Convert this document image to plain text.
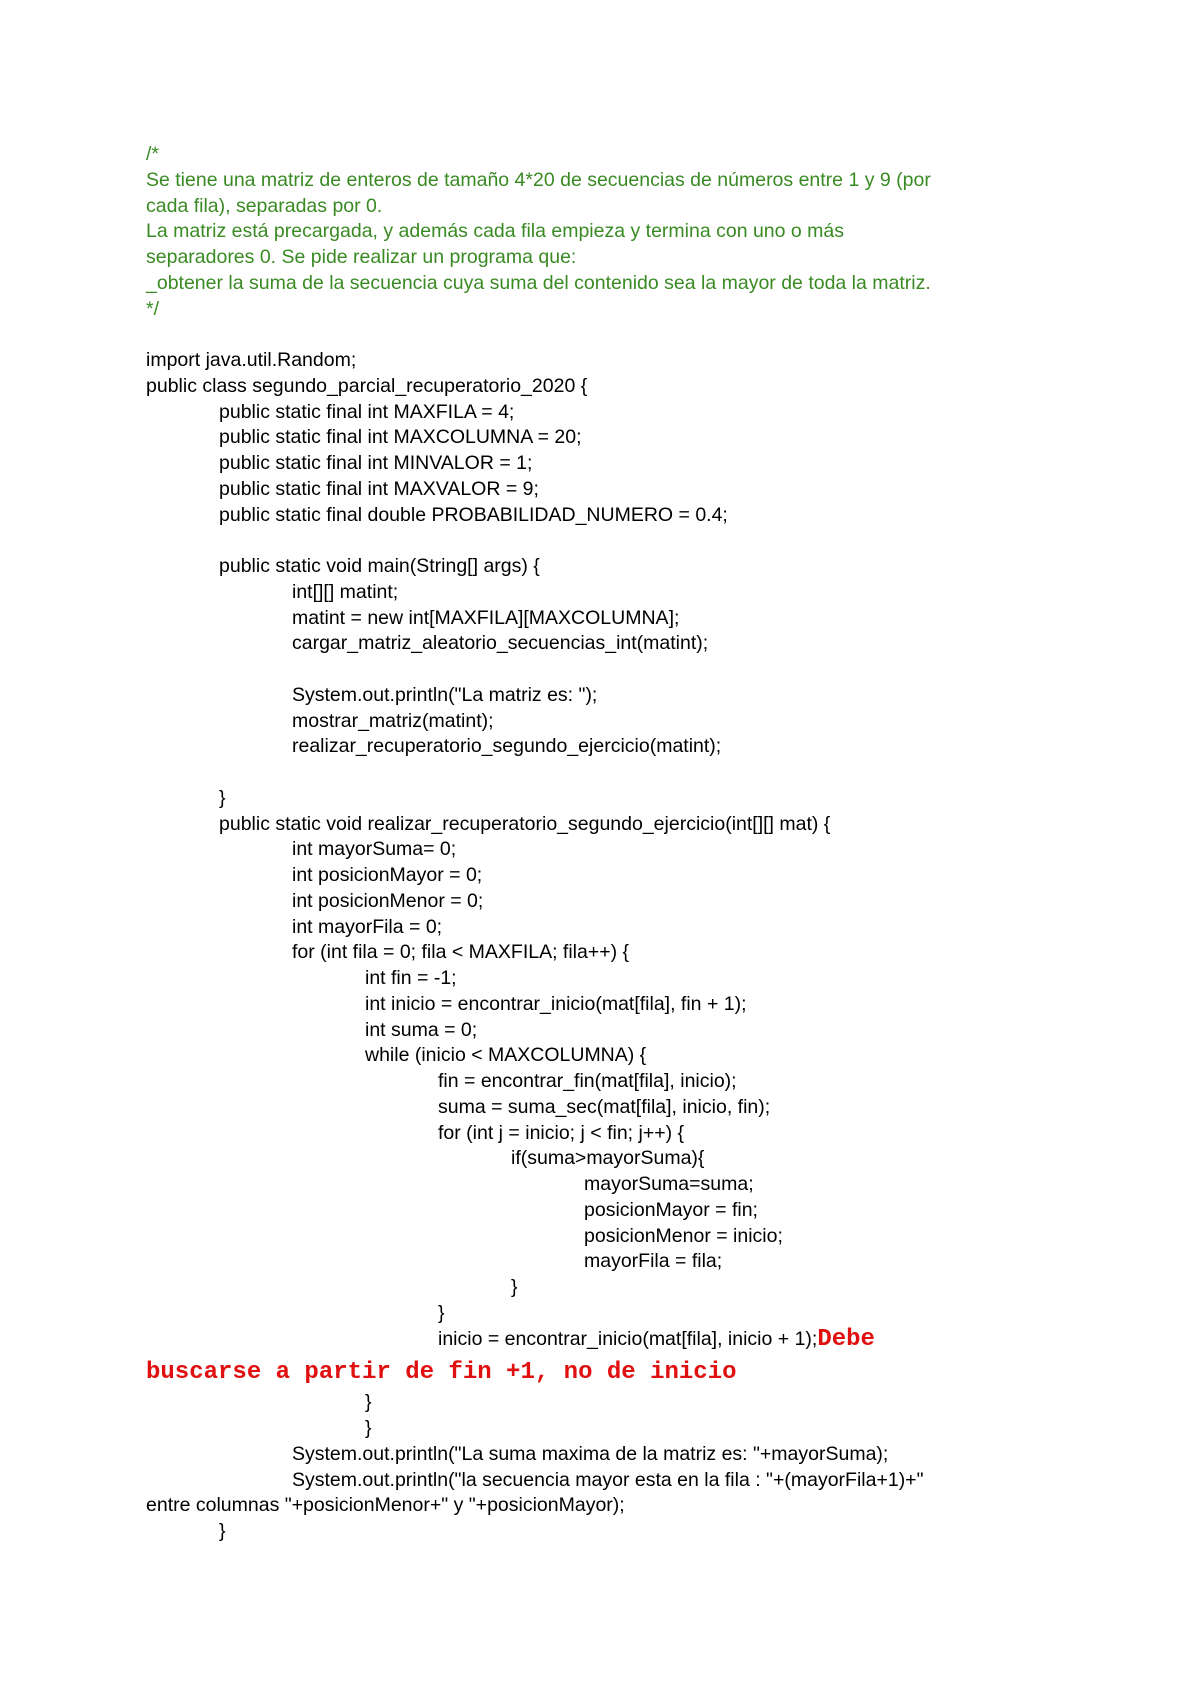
/*
Se tiene una matriz de enteros de tamaño 4*20 de secuencias de números entre 1 y 9 (por
cada fila), separadas por 0.
La matriz está precargada, y además cada fila empieza y termina con uno o más
separadores 0. Se pide realizar un programa que:
_obtener la suma de la secuencia cuya suma del contenido sea la mayor de toda la matriz.
*/
import java.util.Random;
public class segundo_parcial_recuperatorio_2020 {
public static final int MAXFILA = 4;
public static final int MAXCOLUMNA = 20;
public static final int MINVALOR = 1;
public static final int MAXVALOR = 9;
public static final double PROBABILIDAD_NUMERO = 0.4;
public static void main(String[] args) {
int[][] matint;
matint = new int[MAXFILA][MAXCOLUMNA];
cargar_matriz_aleatorio_secuencias_int(matint);
System.out.println("La matriz es: ");
mostrar_matriz(matint);
realizar_recuperatorio_segundo_ejercicio(matint);
}
public static void realizar_recuperatorio_segundo_ejercicio(int[][] mat) {
int mayorSuma= 0;
int posicionMayor = 0;
int posicionMenor = 0;
int mayorFila = 0;
for (int fila = 0; fila < MAXFILA; fila++) {
int fin = -1;
int inicio = encontrar_inicio(mat[fila], fin + 1);
int suma = 0;
while (inicio < MAXCOLUMNA) {
fin = encontrar_fin(mat[fila], inicio);
suma = suma_sec(mat[fila], inicio, fin);
for (int j = inicio; j < fin; j++) {
if(suma>mayorSuma){
mayorSuma=suma;
posicionMayor = fin;
posicionMenor = inicio;
mayorFila = fila;
}
}
inicio = encontrar_inicio(mat[fila], inicio + 1);Debe
buscarse a partir de fin +1, no de inicio
}
}
System.out.println("La suma maxima de la matriz es: "+mayorSuma);
System.out.println("la secuencia mayor esta en la fila : "+(mayorFila+1)+"
entre columnas "+posicionMenor+" y "+posicionMayor);
}
